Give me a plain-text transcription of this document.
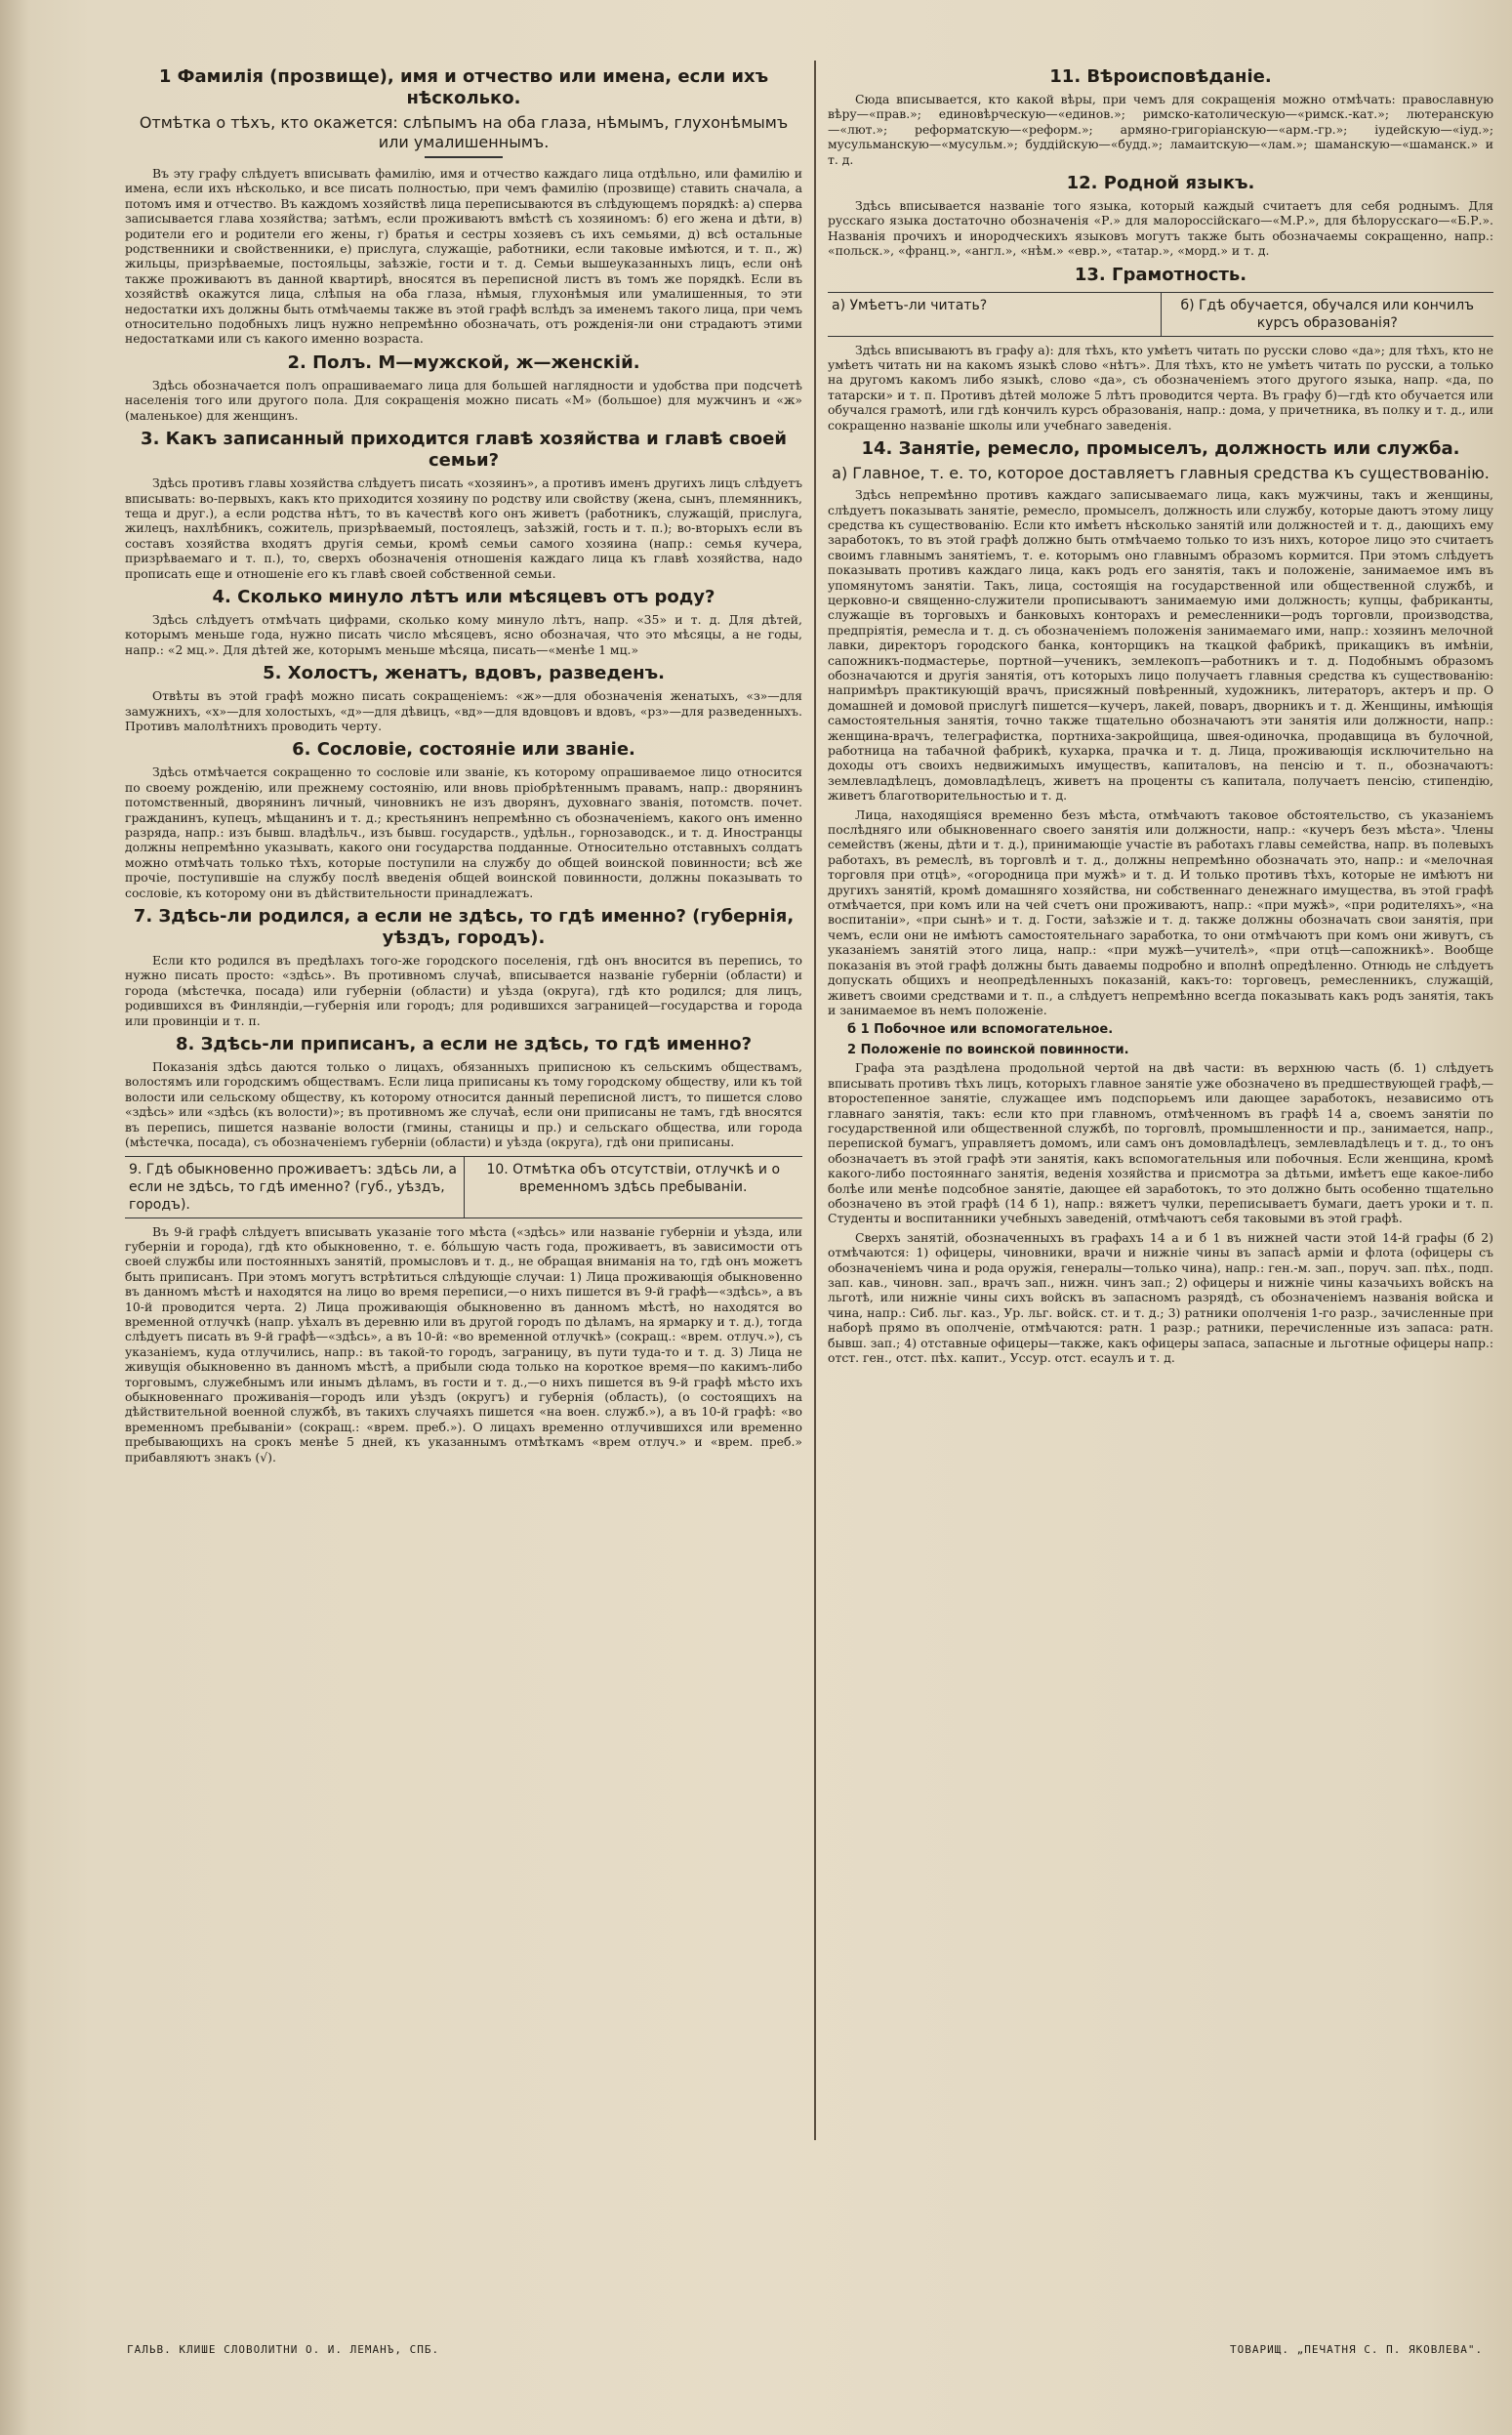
1 Фамилія (прозвище), имя и отчество или имена, если ихъ нѣсколько.
Отмѣтка о тѣхъ, кто окажется: слѣпымъ на оба глаза, нѣмымъ, глухонѣмымъ или умалишеннымъ.

Въ эту графу слѣдуетъ вписывать фамилію, имя и отчество каждаго лица отдѣльно, или фамилію и имена, если ихъ нѣсколько, и все писать полностью, при чемъ фамилію (прозвище) ставить сначала, а потомъ имя и отчество. Въ каждомъ хозяйствѣ лица переписываются въ слѣдующемъ порядкѣ: а) сперва записывается глава хозяйства; затѣмъ, если проживаютъ вмѣстѣ съ хозяиномъ: б) его жена и дѣти, в) родители его и родители его жены, г) братья и сестры хозяевъ съ ихъ семьями, д) всѣ остальные родственники и свойственники, е) прислуга, служащіе, работники, если таковые имѣются, и т. п., ж) жильцы, призрѣваемые, постояльцы, заѣзжіе, гости и т. д. Семьи вышеуказанныхъ лицъ, если онѣ также проживаютъ въ данной квартирѣ, вносятся въ переписной листъ въ томъ же порядкѣ. Если въ хозяйствѣ окажутся лица, слѣпыя на оба глаза, нѣмыя, глухонѣмыя или умалишенныя, то эти недостатки ихъ должны быть отмѣчаемы также въ этой графѣ вслѣдъ за именемъ такого лица, при чемъ относительно подобныхъ лицъ нужно непремѣнно обозначать, отъ рожденія-ли они страдаютъ этими недостатками или съ какого именно возраста.

2. Полъ. М—мужской, ж—женскій.

Здѣсь обозначается полъ опрашиваемаго лица для большей наглядности и удобства при подсчетѣ населенія того или другого пола. Для сокращенія можно писать «М» (большое) для мужчинъ и «ж» (маленькое) для женщинъ.

3. Какъ записанный приходится главѣ хозяйства и главѣ своей семьи?

Здѣсь противъ главы хозяйства слѣдуетъ писать «хозяинъ», а противъ именъ другихъ лицъ слѣдуетъ вписывать: во-первыхъ, какъ кто приходится хозяину по родству или свойству (жена, сынъ, племянникъ, теща и друг.), а если родства нѣтъ, то въ качествѣ кого онъ живетъ (работникъ, служащій, прислуга, жилецъ, нахлѣбникъ, сожитель, призрѣваемый, постоялецъ, заѣзжій, гость и т. п.); во-вторыхъ если въ составъ хозяйства входятъ другія семьи, кромѣ семьи самого хозяина (напр.: семья кучера, призрѣваемаго и т. п.), то, сверхъ обозначенія отношенія каждаго лица къ главѣ хозяйства, надо прописать еще и отношеніе его къ главѣ своей собственной семьи.

4. Сколько минуло лѣтъ или мѣсяцевъ отъ роду?

Здѣсь слѣдуетъ отмѣчать цифрами, сколько кому минуло лѣтъ, напр. «35» и т. д. Для дѣтей, которымъ меньше года, нужно писать число мѣсяцевъ, ясно обозначая, что это мѣсяцы, а не годы, напр.: «2 мц.». Для дѣтей же, которымъ меньше мѣсяца, писать—«менѣе 1 мц.»

5. Холостъ, женатъ, вдовъ, разведенъ.

Отвѣты въ этой графѣ можно писать сокращеніемъ: «ж»—для обозначенія женатыхъ, «з»—для замужнихъ, «х»—для холостыхъ, «д»—для дѣвицъ, «вд»—для вдовцовъ и вдовъ, «рз»—для разведенныхъ. Противъ малолѣтнихъ проводить черту.

6. Сословіе, состояніе или званіе.

Здѣсь отмѣчается сокращенно то сословіе или званіе, къ которому опрашиваемое лицо относится по своему рожденію, или прежнему состоянію, или вновь пріобрѣтеннымъ правамъ, напр.: дворянинъ потомственный, дворянинъ личный, чиновникъ не изъ дворянъ, духовнаго званія, потомств. почет. гражданинъ, купецъ, мѣщанинъ и т. д.; крестьянинъ непремѣнно съ обозначеніемъ, какого онъ именно разряда, напр.: изъ бывш. владѣльч., изъ бывш. государств., удѣльн., горнозаводск., и т. д. Иностранцы должны непремѣнно указывать, какого они государства подданные. Относительно отставныхъ солдатъ можно отмѣчать только тѣхъ, которые поступили на службу до общей воинской повинности; всѣ же прочіе, поступившіе на службу послѣ введенія общей воинской повинности, должны показывать то сословіе, къ которому они въ дѣйствительности принадлежатъ.

7. Здѣсь-ли родился, а если не здѣсь, то гдѣ именно? (губернія, уѣздъ, городъ).

Если кто родился въ предѣлахъ того-же городского поселенія, гдѣ онъ вносится въ перепись, то нужно писать просто: «здѣсь». Въ противномъ случаѣ, вписывается названіе губерніи (области) и города (мѣстечка, посада) или губерніи (области) и уѣзда (округа), гдѣ кто родился; для лицъ, родившихся въ Финляндіи,—губернія или городъ; для родившихся заграницей—государства и города или провинціи и т. п.

8. Здѣсь-ли приписанъ, а если не здѣсь, то гдѣ именно?

Показанія здѣсь даются только о лицахъ, обязанныхъ приписною къ сельскимъ обществамъ, волостямъ или городскимъ обществамъ. Если лица приписаны къ тому городскому обществу, или къ той волости или сельскому обществу, къ которому относится данный переписной листъ, то пишется слово «здѣсь» или «здѣсь (къ волости)»; въ противномъ же случаѣ, если они приписаны не тамъ, гдѣ вносятся въ перепись, пишется названіе волости (гмины, станицы и пр.) и сельскаго общества, или города (мѣстечка, посада), съ обозначеніемъ губерніи (области) и уѣзда (округа), гдѣ они приписаны.

9. Гдѣ обыкновенно проживаетъ: здѣсь ли, а если не здѣсь, то гдѣ именно? (губ., уѣздъ, городъ).
10. Отмѣтка объ отсутствіи, отлучкѣ и о временномъ здѣсь пребываніи.

Въ 9-й графѣ слѣдуетъ вписывать указаніе того мѣста («здѣсь» или названіе губерніи и уѣзда, или губерніи и города), гдѣ кто обыкновенно, т. е. бóльшую часть года, проживаетъ, въ зависимости отъ своей службы или постоянныхъ занятій, промысловъ и т. д., не обращая вниманія на то, гдѣ онъ можетъ быть приписанъ. При этомъ могутъ встрѣтиться слѣдующіе случаи: 1) Лица проживающія обыкновенно въ данномъ мѣстѣ и находятся на лицо во время переписи,—о нихъ пишется въ 9-й графѣ—«здѣсь», а въ 10-й проводится черта. 2) Лица проживающія обыкновенно въ данномъ мѣстѣ, но находятся во временной отлучкѣ (напр. уѣхалъ въ деревню или въ другой городъ по дѣламъ, на ярмарку и т. д.), тогда слѣдуетъ писать въ 9-й графѣ—«здѣсь», а въ 10-й: «во временной отлучкѣ» (сокращ.: «врем. отлуч.»), съ указаніемъ, куда отлучились, напр.: въ такой-то городъ, заграницу, въ пути туда-то и т. д. 3) Лица не живущія обыкновенно въ данномъ мѣстѣ, а прибыли сюда только на короткое время—по какимъ-либо торговымъ, служебнымъ или инымъ дѣламъ, въ гости и т. д.,—о нихъ пишется въ 9-й графѣ мѣсто ихъ обыкновеннаго проживанія—городъ или уѣздъ (округъ) и губернія (область), (о состоящихъ на дѣйствительной военной службѣ, въ такихъ случаяхъ пишется «на воен. служб.»), а въ 10-й графѣ: «во временномъ пребываніи» (сокращ.: «врем. преб.»). О лицахъ временно отлучившихся или временно пребывающихъ на срокъ менѣе 5 дней, къ указаннымъ отмѣткамъ «врем отлуч.» и «врем. преб.» прибавляютъ знакъ (√).

11. Вѣроисповѣданіе.

Сюда вписывается, кто какой вѣры, при чемъ для сокращенія можно отмѣчать: православную вѣру—«прав.»; единовѣрческую—«единов.»; римско-католическую—«римск.-кат.»; лютеранскую—«лют.»; реформатскую—«реформ.»; армяно-григоріанскую—«арм.-гр.»; іудейскую—«іуд.»; мусульманскую—«мусульм.»; буддійскую—«будд.»; ламаитскую—«лам.»; шаманскую—«шаманск.» и т. д.

12. Родной языкъ.

Здѣсь вписывается названіе того языка, который каждый считаетъ для себя роднымъ. Для русскаго языка достаточно обозначенія «Р.» для малороссійскаго—«М.Р.», для бѣлорусскаго—«Б.Р.». Названія прочихъ и инородческихъ языковъ могутъ также быть обозначаемы сокращенно, напр.: «польск.», «франц.», «англ.», «нѣм.» «евр.», «татар.», «морд.» и т. д.

13. Грамотность.
а) Умѣетъ-ли читать?	б) Гдѣ обучается, обучался или кончилъ курсъ образованія?

Здѣсь вписываютъ въ графу а): для тѣхъ, кто умѣетъ читать по русски слово «да»; для тѣхъ, кто не умѣетъ читать ни на какомъ языкѣ слово «нѣтъ». Для тѣхъ, кто не умѣетъ читать по русски, а только на другомъ какомъ либо языкѣ, слово «да», съ обозначеніемъ этого другого языка, напр. «да, по татарски» и т. п. Противъ дѣтей моложе 5 лѣтъ проводится черта. Въ графу б)—гдѣ кто обучается или обучался грамотѣ, или гдѣ кончилъ курсъ образованія, напр.: дома, у причетника, въ полку и т. д., или сокращенно названіе школы или учебнаго заведенія.

14. Занятіе, ремесло, промыселъ, должность или служба.
а) Главное, т. е. то, которое доставляетъ главныя средства къ существованію.

Здѣсь непремѣнно противъ каждаго записываемаго лица, какъ мужчины, такъ и женщины, слѣдуетъ показывать занятіе, ремесло, промыселъ, должность или службу, которые даютъ этому лицу средства къ существованію. Если кто имѣетъ нѣсколько занятій или должностей и т. д., дающихъ ему заработокъ, то въ этой графѣ должно быть отмѣчаемо только то изъ нихъ, которое лицо это считаетъ своимъ главнымъ занятіемъ, т. е. которымъ оно главнымъ образомъ кормится. При этомъ слѣдуетъ показывать противъ каждаго лица, какъ родъ его занятія, такъ и положеніе, занимаемое имъ въ упомянутомъ занятіи. Такъ, лица, состоящія на государственной или общественной службѣ, и церковно-и священно-служители прописываютъ занимаемую ими должность; купцы, фабриканты, служащіе въ торговыхъ и банковыхъ конторахъ и ремесленники—родъ торговли, производства, предпріятія, ремесла и т. д. съ обозначеніемъ положенія занимаемаго ими, напр.: хозяинъ мелочной лавки, директоръ городского банка, конторщикъ на ткацкой фабрикѣ, прикащикъ въ имѣніи, сапожникъ-подмастерье, портной—ученикъ, землекопъ—работникъ и т. д. Подобнымъ образомъ обозначаются и другія занятія, отъ которыхъ лицо получаетъ главныя средства къ существованію: напримѣръ практикующій врачъ, присяжный повѣренный, художникъ, литераторъ, актеръ и пр. О домашней и домовой прислугѣ пишется—кучеръ, лакей, поваръ, дворникъ и т. д. Женщины, имѣющія самостоятельныя занятія, точно также тщательно обозначаютъ эти занятія или должности, напр.: женщина-врачъ, телеграфистка, портниха-закройщица, швея-одиночка, продавщица въ булочной, работница на табачной фабрикѣ, кухарка, прачка и т. д. Лица, проживающія исключительно на доходы отъ своихъ недвижимыхъ имуществъ, капиталовъ, на пенсію и т. п., обозначаютъ: землевладѣлецъ, домовладѣлецъ, живетъ на проценты съ капитала, получаетъ пенсію, стипендію, живетъ благотворительностью и т. д.

Лица, находящіяся временно безъ мѣста, отмѣчаютъ таковое обстоятельство, съ указаніемъ послѣдняго или обыкновеннаго своего занятія или должности, напр.: «кучеръ безъ мѣста». Члены семействъ (жены, дѣти и т. д.), принимающіе участіе въ работахъ главы семейства, напр. въ полевыхъ работахъ, въ ремеслѣ, въ торговлѣ и т. д., должны непремѣнно обозначать это, напр.: и «мелочная торговля при отцѣ», «огородница при мужѣ» и т. д. И только противъ тѣхъ, которые не имѣютъ ни другихъ занятій, кромѣ домашняго хозяйства, ни собственнаго денежнаго имущества, въ этой графѣ отмѣчается, при комъ или на чей счетъ они проживаютъ, напр.: «при мужѣ», «при родителяхъ», «на воспитаніи», «при сынѣ» и т. д. Гости, заѣзжіе и т. д. также должны обозначать свои занятія, при чемъ, если они не имѣютъ самостоятельнаго заработка, то они отмѣчаютъ при комъ они живутъ, съ указаніемъ занятій этого лица, напр.: «при мужѣ—учителѣ», «при отцѣ—сапожникѣ». Вообще показанія въ этой графѣ должны быть даваемы подробно и вполнѣ опредѣленно. Отнюдь не слѣдуетъ допускать общихъ и неопредѣленныхъ показаній, какъ-то: торговецъ, ремесленникъ, служащій, живетъ своими средствами и т. п., а слѣдуетъ непремѣнно всегда показывать какъ родъ занятія, такъ и занимаемое въ немъ положеніе.

б 1 Побочное или вспомогательное.
2 Положеніе по воинской повинности.

Графа эта раздѣлена продольной чертой на двѣ части: въ верхнюю часть (б. 1) слѣдуетъ вписывать противъ тѣхъ лицъ, которыхъ главное занятіе уже обозначено въ предшествующей графѣ,—второстепенное занятіе, служащее имъ подспорьемъ или дающее заработокъ, независимо отъ главнаго занятія, такъ: если кто при главномъ, отмѣченномъ въ графѣ 14 а, своемъ занятіи по государственной или общественной службѣ, по торговлѣ, промышленности и пр., занимается, напр., перепиской бумагъ, управляетъ домомъ, или самъ онъ домовладѣлецъ, землевладѣлецъ и т. д., то онъ обозначаетъ въ этой графѣ эти занятія, какъ вспомогательныя или побочныя. Если женщина, кромѣ какого-либо постояннаго занятія, веденія хозяйства и присмотра за дѣтьми, имѣетъ еще какое-либо болѣе или менѣе подсобное занятіе, дающее ей заработокъ, то это должно быть особенно тщательно обозначено въ этой графѣ (14 б 1), напр.: вяжетъ чулки, переписываетъ бумаги, даетъ уроки и т. п. Студенты и воспитанники учебныхъ заведеній, отмѣчаютъ себя таковыми въ этой графѣ.

Сверхъ занятій, обозначенныхъ въ графахъ 14 а и б 1 въ нижней части этой 14-й графы (б 2) отмѣчаются: 1) офицеры, чиновники, врачи и нижніе чины въ запасѣ арміи и флота (офицеры съ обозначеніемъ чина и рода оружія, генералы—только чина), напр.: ген.-м. зап., поруч. зап. пѣх., подп. зап. кав., чиновн. зап., врачъ зап., нижн. чинъ зап.; 2) офицеры и нижніе чины казачьихъ войскъ на льготѣ, или нижніе чины сихъ войскъ въ запасномъ разрядѣ, съ обозначеніемъ названія войска и чина, напр.: Сиб. льг. каз., Ур. льг. войск. ст. и т. д.; 3) ратники ополченія 1-го разр., зачисленные при наборѣ прямо въ ополченіе, отмѣчаются: ратн. 1 разр.; ратники, перечисленные изъ запаса: ратн. бывш. зап.; 4) отставные офицеры—также, какъ офицеры запаса, запасные и льготные офицеры напр.: отст. ген., отст. пѣх. капит., Уссур. отст. есаулъ и т. д.

ГАЛЬВ. КЛИШЕ СЛОВОЛИТНИ О. И. ЛЕМАНЪ, СПБ.	ТОВАРИЩ. „ПЕЧАТНЯ С. П. ЯКОВЛЕВА".
